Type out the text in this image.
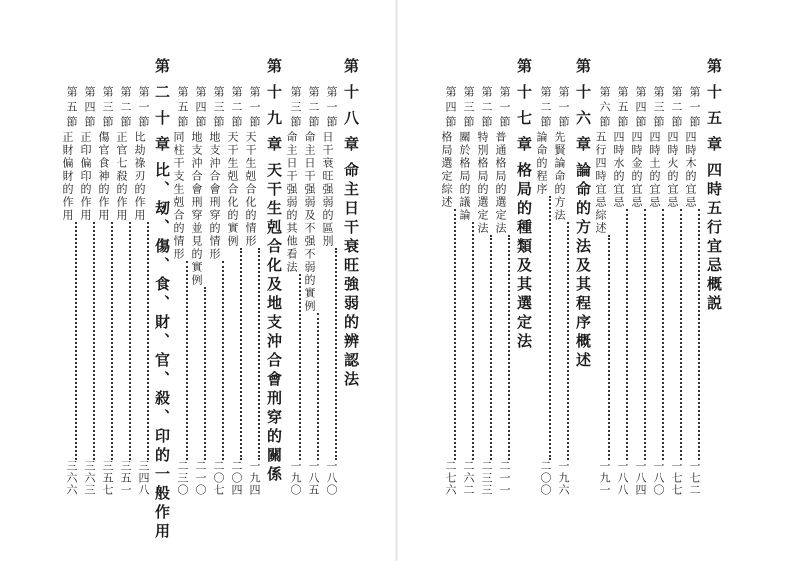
第十八章命主日干衰旺強弱的辨認法
第一節
日干衰旺强弱的區別
一八〇
第二節
命主日干强弱及不强不弱的實例
一八五
第三節
命主日干强弱的其他看法
一九〇
第十九章天干生剋合化及地支沖合會刑穿的關係
第一節
天干生剋合化的情形
一九四
第二節
天干生剋合化的實例
二〇四
第三節
地支沖合會刑穿的情形
二〇七
第四節
地支沖合會刑穿並見的實例
二一〇
第五節
同柱干支生剋合的情形
二三〇
第二十章比、刼、傷、食、財、官、殺、印的一般作用
第一節
比劫祿刃的作用
三四八
第二節
正官七殺的作用
三五一
第三節
傷官食神的作用
三五七
第四節
正印偏印的作用
三六三
第五節
正財偏財的作用
三六六
第十五章四時五行宜忌概説
第一節
四時木的宜忌
一七二
第二節
四時火的宜忌
一七七
第三節
四時土的宜忌
一八〇
第四節
四時金的宜忌
一八四
第五節
四時水的宜忌
一八八
第六節
五行四時宜忌綜述
一九一
第十六章論命的方法及其程序概述
第一節
先賢論命的方法
一九六
第二節
論命的程序
二〇〇
第十七章格局的種類及其選定法
第一節
普通格局的選定法
二一一
第二節
特別格局的選定法
二三三
第三節
關於格局的議論
二六二
第四節
格局選定綜述
二七六
